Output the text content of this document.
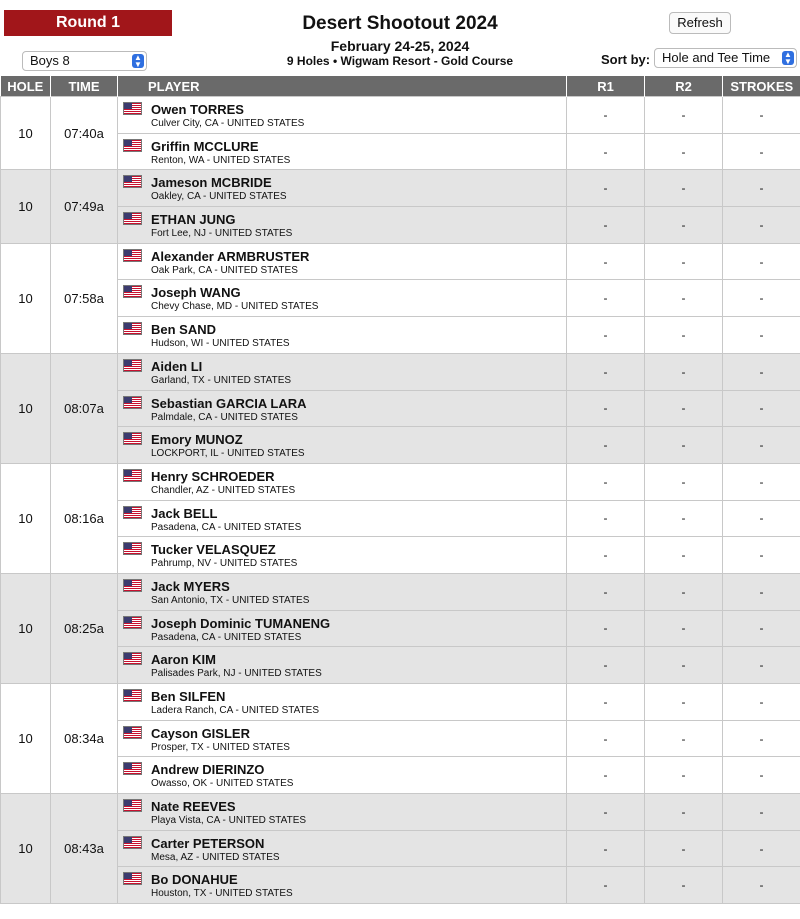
Round 1	Desert Shootout 2024
February 24-25, 2024
9 Holes • Wigwam Resort - Gold Course
Refresh
Boys 8	▲
▼	Sort by: Hole and Tee Time ▲
▼
HOLE	TIME	PLAYER	R1	R2	STROKES
10	07:40a	Owen TORRES
Culver City, CA - UNITED STATES	-	-	-

		Griffin MCCLURE
Renton, WA - UNITED STATES	-	-	-
10	07:49a	Jameson MCBRIDE
Oakley, CA - UNITED STATES	-	-	-

		ETHAN JUNG
Fort Lee, NJ - UNITED STATES	-	-	-
10	07:58a	Alexander ARMBRUSTER
Oak Park, CA - UNITED STATES	-	-	-

		Joseph WANG
Chevy Chase, MD - UNITED STATES	-	-	-

		Ben SAND
Hudson, WI - UNITED STATES	-	-	-
10	08:07a	Aiden LI
Garland, TX - UNITED STATES	-	-	-

		Sebastian GARCIA LARA
Palmdale, CA - UNITED STATES	-	-	-

		Emory MUNOZ
LOCKPORT, IL - UNITED STATES	-	-	-
10	08:16a	Henry SCHROEDER
Chandler, AZ - UNITED STATES	-	-	-

		Jack BELL
Pasadena, CA - UNITED STATES	-	-	-

		Tucker VELASQUEZ
Pahrump, NV - UNITED STATES	-	-	-
10	08:25a	Jack MYERS
San Antonio, TX - UNITED STATES	-	-	-

		Joseph Dominic TUMANENG
Pasadena, CA - UNITED STATES	-	-	-

		Aaron KIM
Palisades Park, NJ - UNITED STATES	-	-	-
10	08:34a	Ben SILFEN
Ladera Ranch, CA - UNITED STATES	-	-	-

		Cayson GISLER
Prosper, TX - UNITED STATES	-	-	-

		Andrew DIERINZO
Owasso, OK - UNITED STATES	-	-	-
10	08:43a	Nate REEVES
Playa Vista, CA - UNITED STATES	-	-	-

		Carter PETERSON
Mesa, AZ - UNITED STATES	-	-	-

		Bo DONAHUE
Houston, TX - UNITED STATES	-	-	-
